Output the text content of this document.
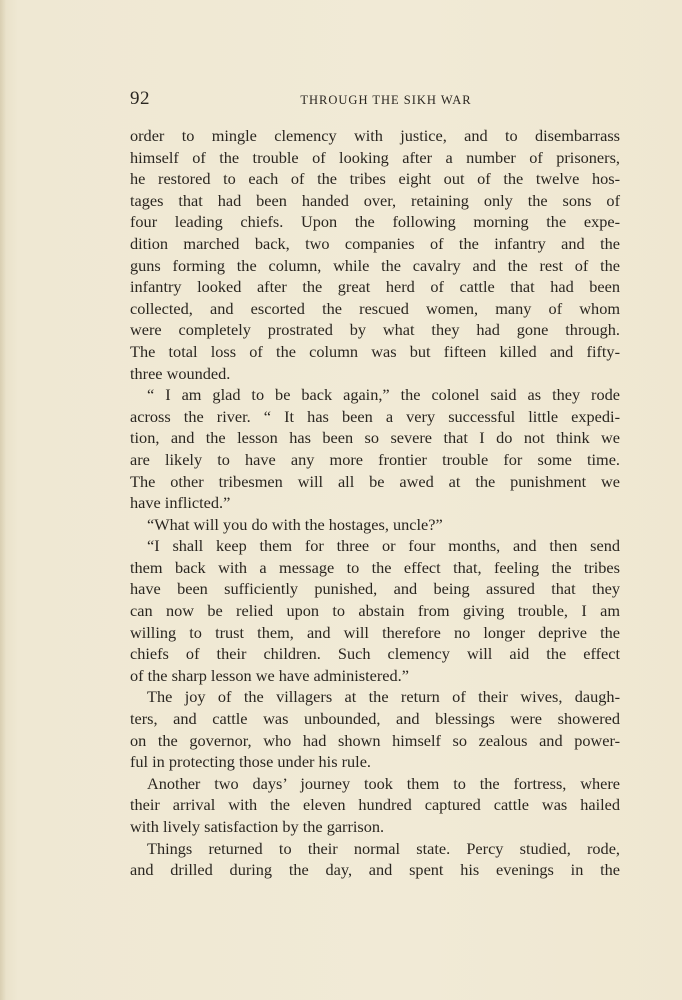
92	THROUGH THE SIKH WAR
order to mingle clemency with justice, and to disembarrass
himself of the trouble of looking after a number of prisoners,
he restored to each of the tribes eight out of the twelve hos-
tages that had been handed over, retaining only the sons of
four leading chiefs. Upon the following morning the expe-
dition marched back, two companies of the infantry and the
guns forming the column, while the cavalry and the rest of the
infantry looked after the great herd of cattle that had been
collected, and escorted the rescued women, many of whom
were completely prostrated by what they had gone through.
The total loss of the column was but fifteen killed and fifty-
three wounded.
“ I am glad to be back again,” the colonel said as they rode
across the river. “ It has been a very successful little expedi-
tion, and the lesson has been so severe that I do not think we
are likely to have any more frontier trouble for some time.
The other tribesmen will all be awed at the punishment we
have inflicted.”
“What will you do with the hostages, uncle?”
“I shall keep them for three or four months, and then send
them back with a message to the effect that, feeling the tribes
have been sufficiently punished, and being assured that they
can now be relied upon to abstain from giving trouble, I am
willing to trust them, and will therefore no longer deprive the
chiefs of their children. Such clemency will aid the effect
of the sharp lesson we have administered.”
The joy of the villagers at the return of their wives, daugh-
ters, and cattle was unbounded, and blessings were showered
on the governor, who had shown himself so zealous and power-
ful in protecting those under his rule.
Another two days’ journey took them to the fortress, where
their arrival with the eleven hundred captured cattle was hailed
with lively satisfaction by the garrison.
Things returned to their normal state. Percy studied, rode,
and drilled during the day, and spent his evenings in the
